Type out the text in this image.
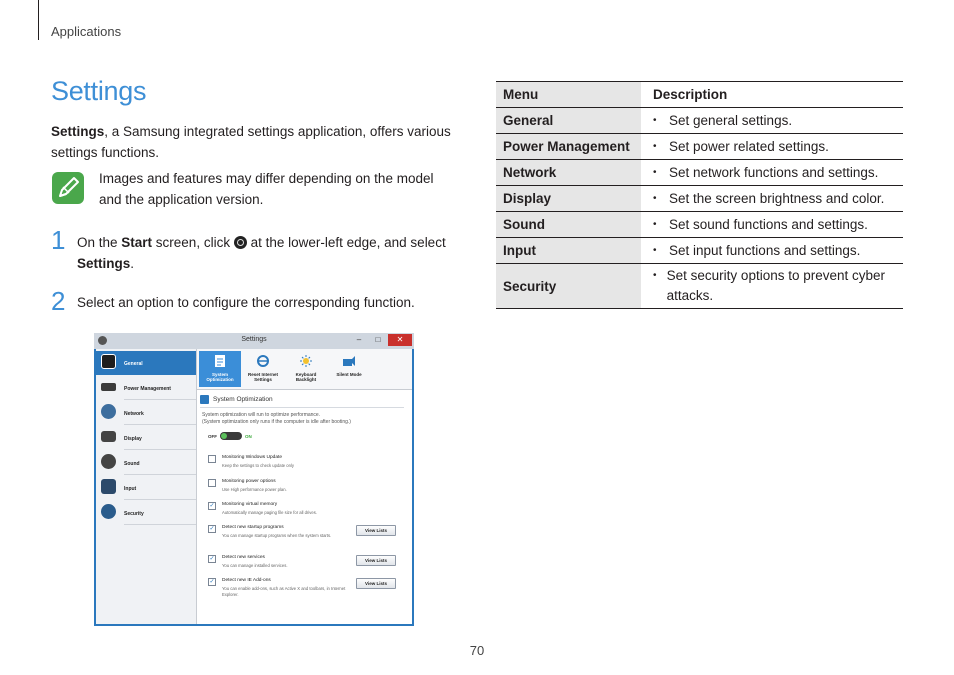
Applications
Settings
Settings, a Samsung integrated settings application, offers various settings functions.
Images and features may differ depending on the model and the application version.
1 On the Start screen, click  at the lower-left edge, and select Settings.
2 Select an option to configure the corresponding function.
Menu	Description
General	• Set general settings.

Power Management	• Set power related settings.

Network	• Set network functions and settings.

Display	• Set the screen brightness and color.

Sound	• Set sound functions and settings.

Input	• Set input functions and settings.

Security	• Set security options to prevent cyber attacks.
Settings	–	□	✕
General
Power Management
Network
Display
Sound
Input
Security
System
Optimization
Reset Internet
Settings
Keyboard
Backlight
Silent Mode

System Optimization
System optimization will run to optimize performance.
(System optimization only runs if the computer is idle after booting.)
OFF	ON
Monitoring Windows Update
Keep the settings to check update only
Monitoring power options
Use High performance power plan.
✓	Monitoring virtual memory
Automatically manage paging file size for all drives.
✓	Detect new startup programs
You can manage startup programs when the system starts.
View Lists
✓	Detect new services
You can manage installed services.
View Lists
✓	Detect new IE Add-ons
You can enable add-ons, such as Active X and toolbars, in Internet Explorer.
View Lists
70
